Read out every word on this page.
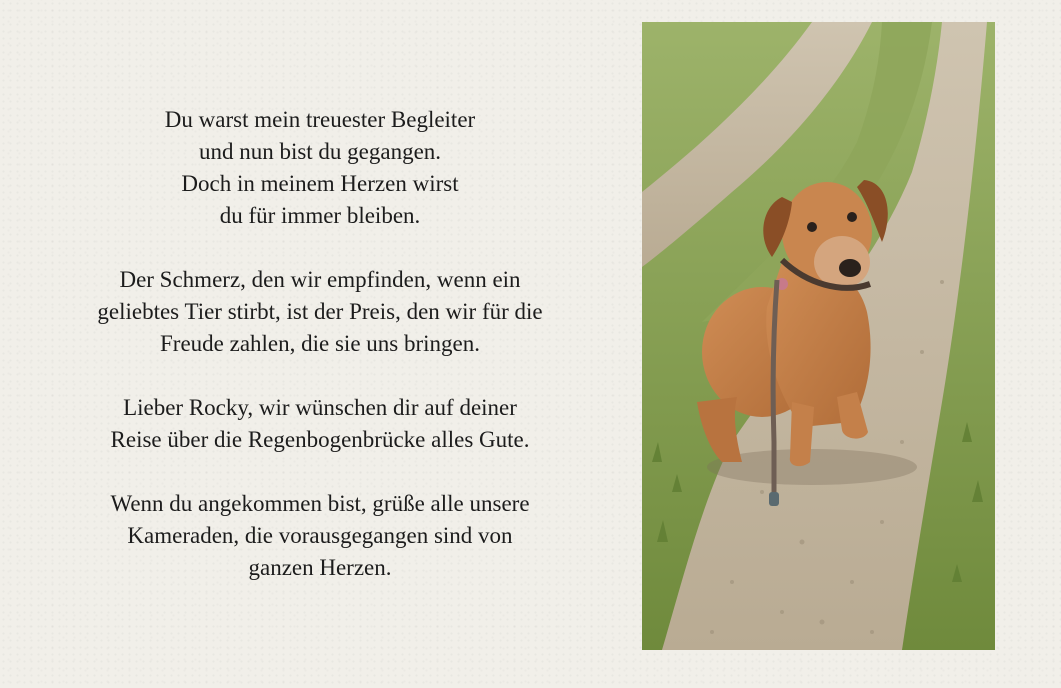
Du warst mein treuester Begleiter
und nun bist du gegangen.
Doch in meinem Herzen wirst
du für immer bleiben.
Der Schmerz, den wir empfinden, wenn ein
geliebtes Tier stirbt, ist der Preis, den wir für die
Freude zahlen, die sie uns bringen.
Lieber Rocky, wir wünschen dir auf deiner
Reise über die Regenbogenbrücke alles Gute.
Wenn du angekommen bist, grüße alle unsere
Kameraden, die vorausgegangen sind von
ganzen Herzen.
